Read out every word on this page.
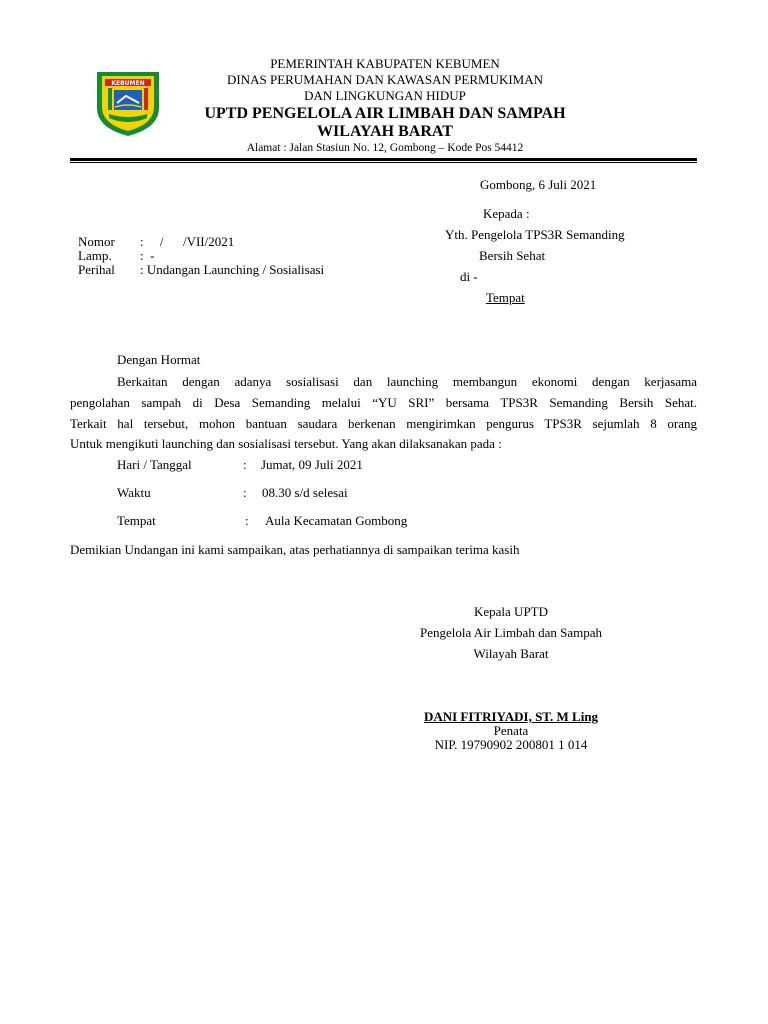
KEBUMEN
PEMERINTAH KABUPATEN KEBUMEN
DINAS PERUMAHAN DAN KAWASAN PERMUKIMAN
DAN LINGKUNGAN HIDUP
UPTD PENGELOLA AIR LIMBAH DAN SAMPAH
WILAYAH BARAT
Alamat : Jalan Stasiun No. 12, Gombong – Kode Pos 54412
Gombong, 6 Juli 2021
Kepada :
Yth. Pengelola TPS3R Semanding
Bersih Sehat
di -
Tempat
Nomor :     /      /VII/2021
Lamp. :  -
Perihal : Undangan Launching / Sosialisasi
Dengan Hormat
Berkaitan dengan adanya sosialisasi dan launching membangun ekonomi dengan kerjasama
pengolahan sampah di Desa Semanding melalui “YU SRI” bersama TPS3R Semanding Bersih Sehat.
Terkait hal tersebut, mohon bantuan saudara berkenan mengirimkan pengurus TPS3R sejumlah 8 orang
Untuk mengikuti launching dan sosialisasi tersebut. Yang akan dilaksanakan pada :
Hari / Tanggal	: Jumat, 09 Juli 2021
Waktu	: 08.30 s/d selesai
Tempat	: Aula Kecamatan Gombong
Demikian Undangan ini kami sampaikan, atas perhatiannya di sampaikan terima kasih
Kepala UPTD
Pengelola Air Limbah dan Sampah
Wilayah Barat
DANI FITRIYADI, ST. M Ling
Penata
NIP. 19790902 200801 1 014
